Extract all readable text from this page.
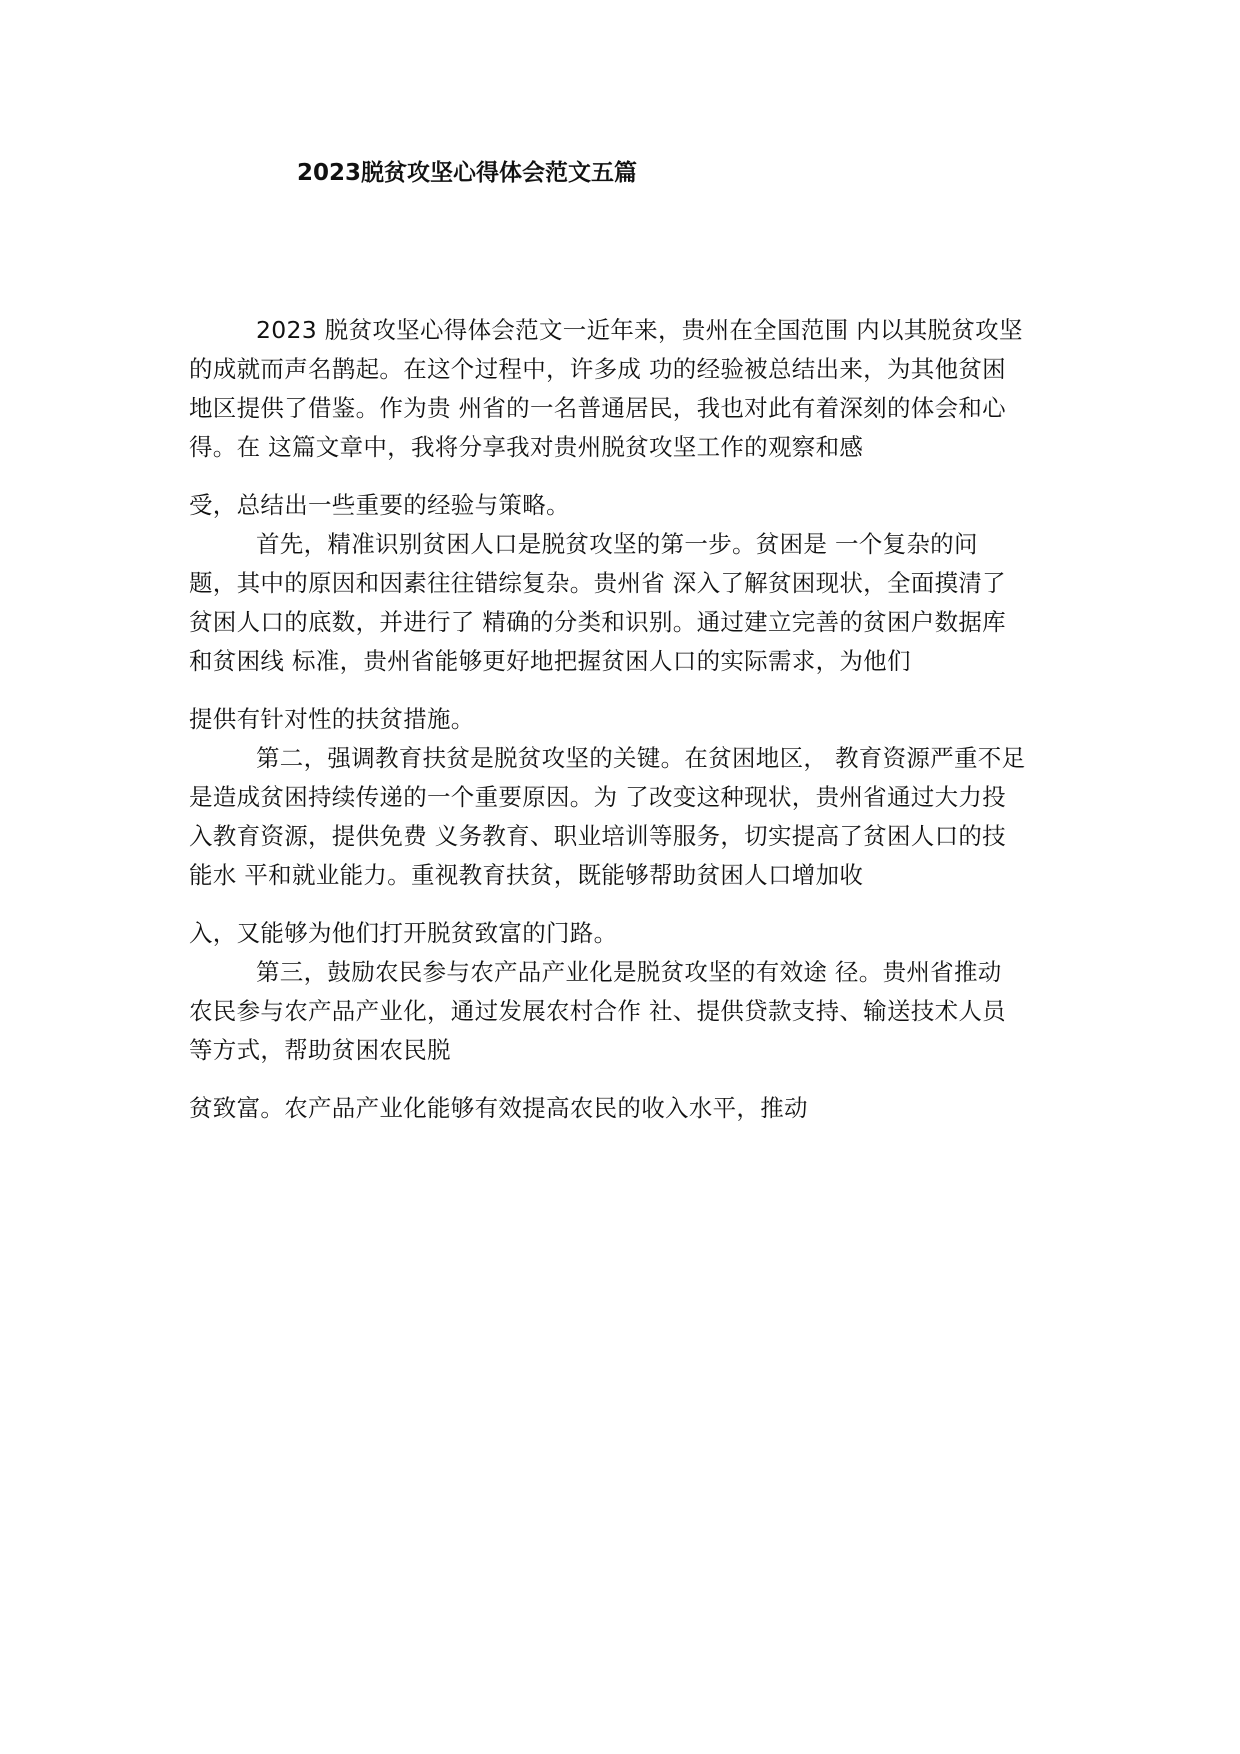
2023脱贫攻坚心得体会范文五篇
2023 脱贫攻坚心得体会范文一近年来，贵州在全国范围 内以其脱贫攻坚
的成就而声名鹊起。在这个过程中，许多成 功的经验被总结出来，为其他贫困
地区提供了借鉴。作为贵 州省的一名普通居民，我也对此有着深刻的体会和心
得。在 这篇文章中，我将分享我对贵州脱贫攻坚工作的观察和感
受，总结出一些重要的经验与策略。
首先，精准识别贫困人口是脱贫攻坚的第一步。贫困是 一个复杂的问
题，其中的原因和因素往往错综复杂。贵州省 深入了解贫困现状，全面摸清了
贫困人口的底数，并进行了 精确的分类和识别。通过建立完善的贫困户数据库
和贫困线 标准，贵州省能够更好地把握贫困人口的实际需求，为他们
提供有针对性的扶贫措施。
第二，强调教育扶贫是脱贫攻坚的关键。在贫困地区， 教育资源严重不足
是造成贫困持续传递的一个重要原因。为 了改变这种现状，贵州省通过大力投
入教育资源，提供免费 义务教育、职业培训等服务，切实提高了贫困人口的技
能水 平和就业能力。重视教育扶贫，既能够帮助贫困人口增加收
入，又能够为他们打开脱贫致富的门路。
第三，鼓励农民参与农产品产业化是脱贫攻坚的有效途 径。贵州省推动
农民参与农产品产业化，通过发展农村合作 社、提供贷款支持、输送技术人员
等方式，帮助贫困农民脱
贫致富。农产品产业化能够有效提高农民的收入水平，推动
